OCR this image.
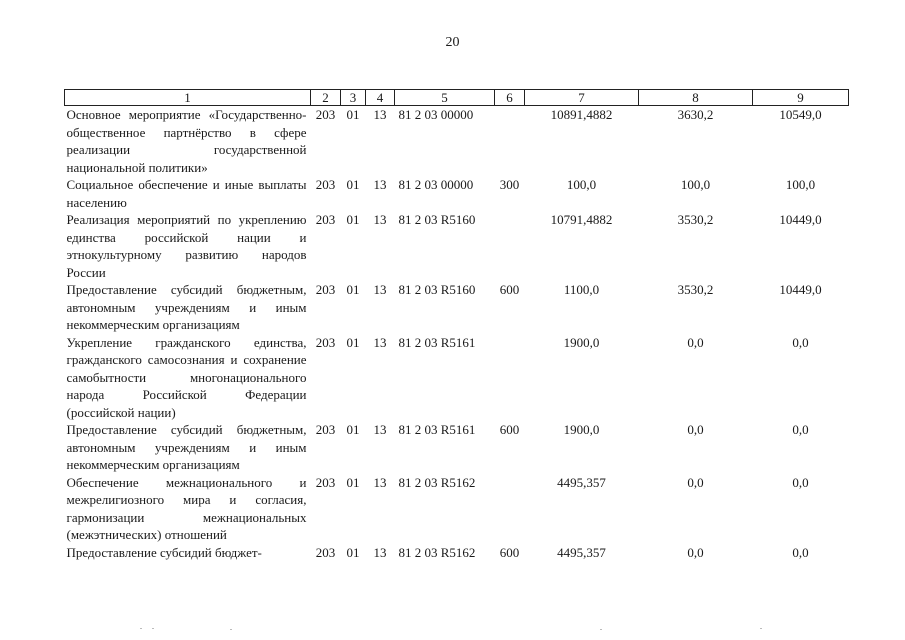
20
1	2	3	4	5	6	7	8	9
Основное мероприятие «Государственно-общественное партнёрство в сфере реализации государственной национальной политики»	203	01	13	81 2 03 00000		10891,4882	3630,2	10549,0
Социальное обеспечение и иные выплаты населению	203	01	13	81 2 03 00000	300	100,0	100,0	100,0
Реализация мероприятий по укреплению единства российской нации и этнокультурному развитию народов России	203	01	13	81 2 03 R5160		10791,4882	3530,2	10449,0
Предоставление субсидий бюджетным, автономным учреждениям и иным некоммерческим организациям	203	01	13	81 2 03 R5160	600	1100,0	3530,2	10449,0
Укрепление гражданского единства, гражданского самосознания и сохранение самобытности многонационального народа Российской Федерации (российской нации)	203	01	13	81 2 03 R5161		1900,0	0,0	0,0
Предоставление субсидий бюджетным, автономным учреждениям и иным некоммерческим организациям	203	01	13	81 2 03 R5161	600	1900,0	0,0	0,0
Обеспечение межнационального и межрелигиозного мира и согласия, гармонизации межнациональных (межэтнических) отношений	203	01	13	81 2 03 R5162		4495,357	0,0	0,0
Предоставление субсидий бюджет-	203	01	13	81 2 03 R5162	600	4495,357	0,0	0,0
